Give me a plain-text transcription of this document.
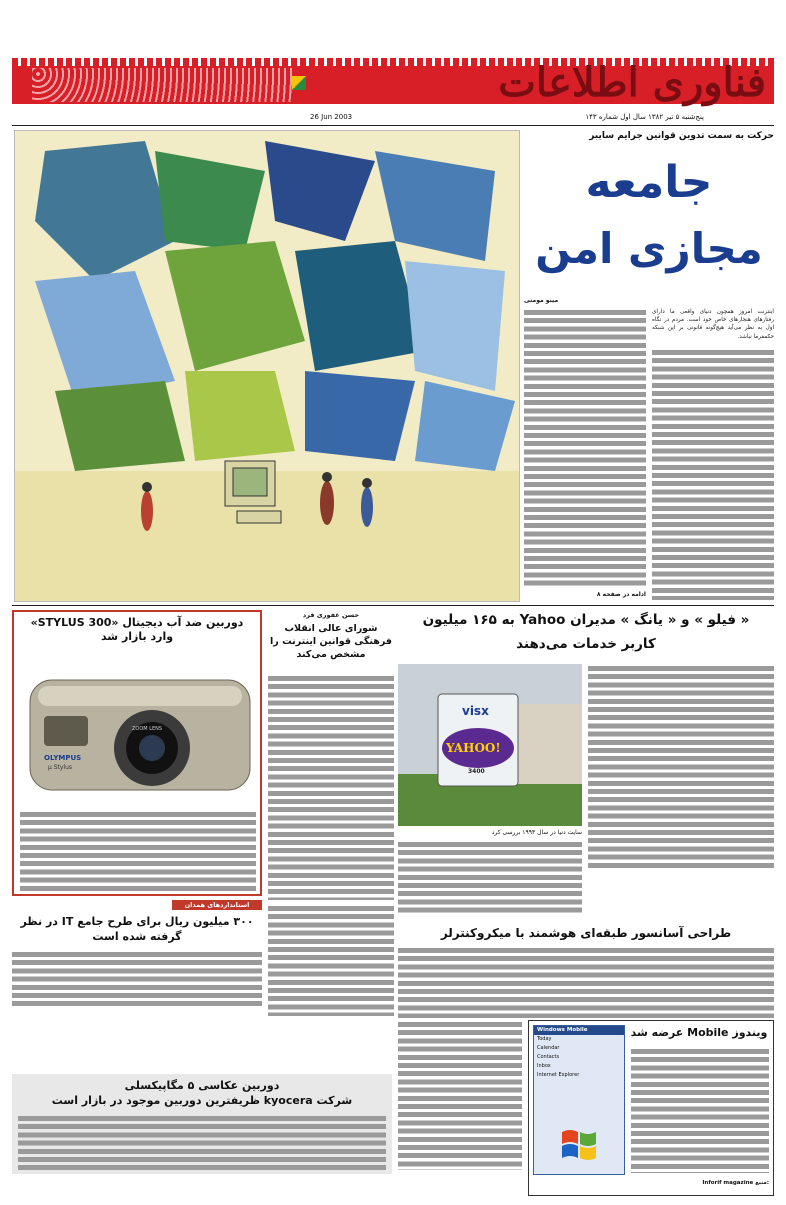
فناوری اطلاعات
پنج‌شنبه ۵ تیر ۱۳۸۲ سال اول شماره ۱۴۳
26 Jun 2003
حرکت به سمت تدوین قوانین جرایم سایبر
جامعه
مجازی امن
مینو مومنی
اینترنت امروز همچون دنیای واقعی ما دارای رفتارهای هنجارهای خاص خود است. مردم در نگاه اول به نظر می‌آید هیچ‌گونه قانونی بر این شبکه حکمفرما نباشد.
ادامه در صفحه ۸
دوربین ضد آب دیجیتال «STYLUS 300» وارد بازار شد
OLYMPUS
μ Stylus
ZOOM LENS
حسن غفوری فرد
شورای عالی انقلاب فرهنگی قوانین اینترنت را مشخص می‌کند
« فیلو » و « یانگ » مدیران Yahoo به ۱۶۵ میلیون
کاربر خدمات می‌دهند
visx
YAHOO!
3400
سایت دنیا در سال ۱۹۹۴ بررسی کرد
استانداردهای همدان
۳۰۰ میلیون ریال برای طرح جامع IT در نظر گرفته شده است	طراحی آسانسور طبقه‌ای هوشمند با میکروکنترلر
ویندوز Mobile عرضه شد
Windows Mobile
Today
Calendar
Contacts
Inbox
Internet Explorer
Inforif magazine منبع:
دوربین عکاسی ۵ مگاپیکسلی
شرکت kyocera ظریفترین دوربین موجود در بازار است
